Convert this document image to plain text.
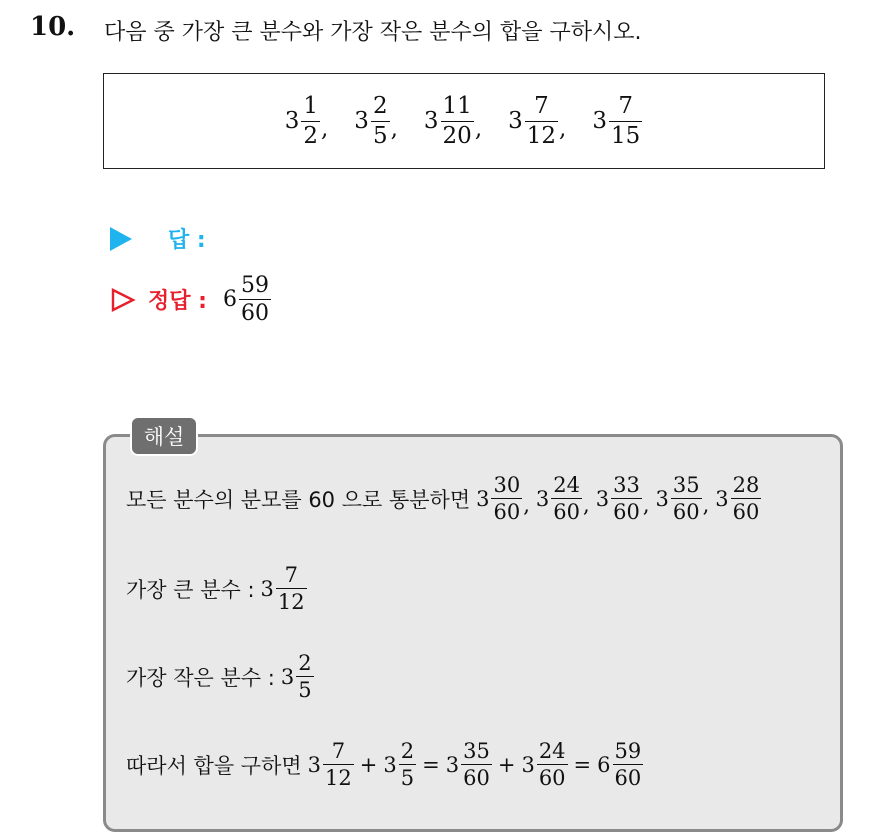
10. 다음 중 가장 큰 분수와 가장 작은 분수의 합을 구하시오.
$3 \frac{1}{2}$ , $3 \frac{2}{5}$ , $3 \frac{11}{20}$ , $3 \frac{7}{12}$ , $3 \frac{7}{15}$
답 :
정답 : $6 \frac{59}{60}$
해설
모든 분수의 분모를 60 으로 통분하면 $3 \frac{30}{60}$ , $3 \frac{24}{60}$ , $3 \frac{33}{60}$ , $3 \frac{35}{60}$ , $3 \frac{28}{60}$
가장 큰 분수 : $3 \frac{7}{12}$
가장 작은 분수 : $3 \frac{2}{5}$
따라서 합을 구하면 $3 \frac{7}{12} + 3 \frac{2}{5} = 3 \frac{35}{60} + 3 \frac{24}{60} = 6 \frac{59}{60}$
